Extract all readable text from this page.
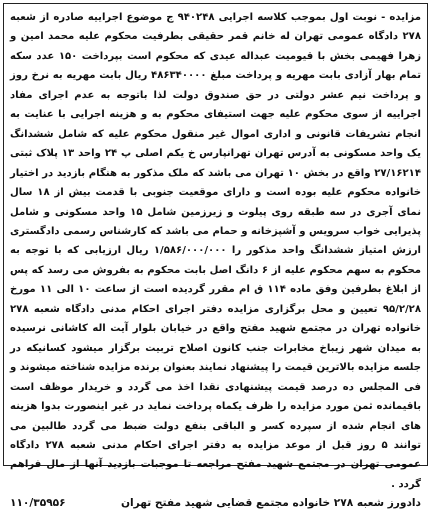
مزایده - نوبت اول بموجب کلاسه اجرایی ۹۴۰۲۴۸ ج موضوع اجراییه صادره از شعبه ۲۷۸ دادگاه عمومی تهران له خانم قمر حقیقی بطرفیت محکوم علیه محمد امین و زهرا فهیمی بخش با قیومیت عبداله عیدی که محکوم است بپرداخت ۱۵۰ عدد سکه تمام بهار آزادی بابت مهریه و پرداخت مبلغ ۴۸۶۳۴۰۰۰۰ ریال بابت مهریه به نرخ روز و پرداخت نیم عشر دولتی در حق صندوق دولت لذا باتوجه به عدم اجرای مفاد اجراییه از سوی محکوم علیه جهت استیفای محکوم به و هزینه اجرایی با عنایت به انجام تشریفات قانونی و اداری اموال غیر منقول محکوم علیه که شامل ششدانگ یک واحد مسکونی به آدرس تهران تهرانپارس خ یکم اصلی پ ۲۴ واحد ۱۳ پلاک ثبتی ۲۷/۱۶۲۱۴ واقع در بخش ۱۰ تهران می باشد که ملک مذکور به هنگام بازدید در اختیار خانواده محکوم علیه بوده است و دارای موقعیت جنوبی با قدمت بیش از ۱۸ سال نمای آجری در سه طبقه روی پیلوت و زیرزمین شامل ۱۵ واحد مسکونی و شامل پذیرایی خواب سرویس و آشپزخانه و حمام می باشد که کارشناس رسمی دادگستری ارزش امتیاز ششدانگ واحد مذکور را ۱/۵۸۶/۰۰۰/۰۰۰ ریال ارزیابی که با توجه به محکوم به سهم محکوم علیه از ۶ دانگ اصل بابت محکوم به بفروش می رسد که پس از ابلاغ بطرفین وفق ماده ۱۱۴ ق ام مقرر گردیده است از ساعت ۱۰ الی ۱۱ مورخ ۹۵/۲/۲۸ تعیین و محل برگزاری مزایده دفتر اجرای احکام مدنی دادگاه شعبه ۲۷۸ خانواده تهران در مجتمع شهید مفتح واقع در خیابان بلوار آیت اله کاشانی نرسیده به میدان شهر زیباخ مخابرات جنب کانون اصلاح تربیت برگزار میشود کسانیکه در جلسه مزایده بالاترین قیمت را پیشنهاد نمایند بعنوان برنده مزایده شناخته میشوند و فی المجلس ده درصد قیمت پیشنهادی نقدا اخذ می گردد و خریدار موظف است باقیمانده ثمن مورد مزایده را ظرف یکماه پرداخت نماید در غیر اینصورت بدوا هزینه های انجام شده از سپرده کسر و الباقی بنفع دولت ضبط می گردد طالبین می توانند ۵ روز قبل از موعد مزایده به دفتر اجرای احکام مدنی شعبه ۲۷۸ دادگاه عمومی تهران در مجتمع شهید مفتح مراجعه تا موجبات بازدید آنها از مال فراهم گردد .

دادورز شعبه ۲۷۸ خانواده مجتمع قضایی شهید مفتح تهران
۱۱۰/۳۵۹۵۶
